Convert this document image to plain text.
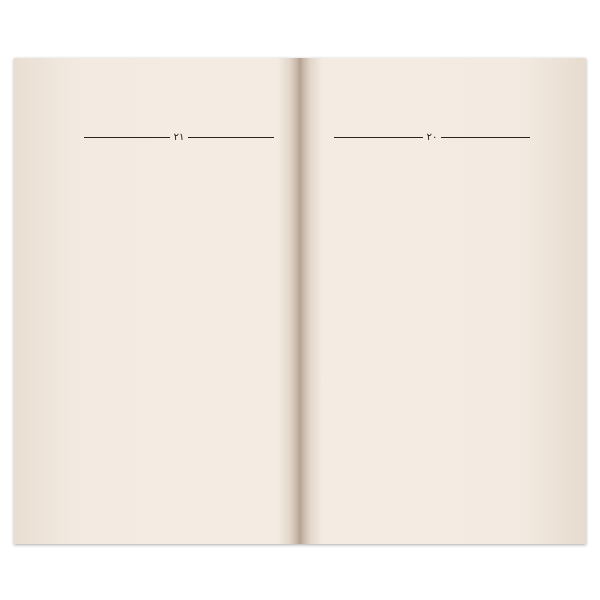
٢١	٢٠
